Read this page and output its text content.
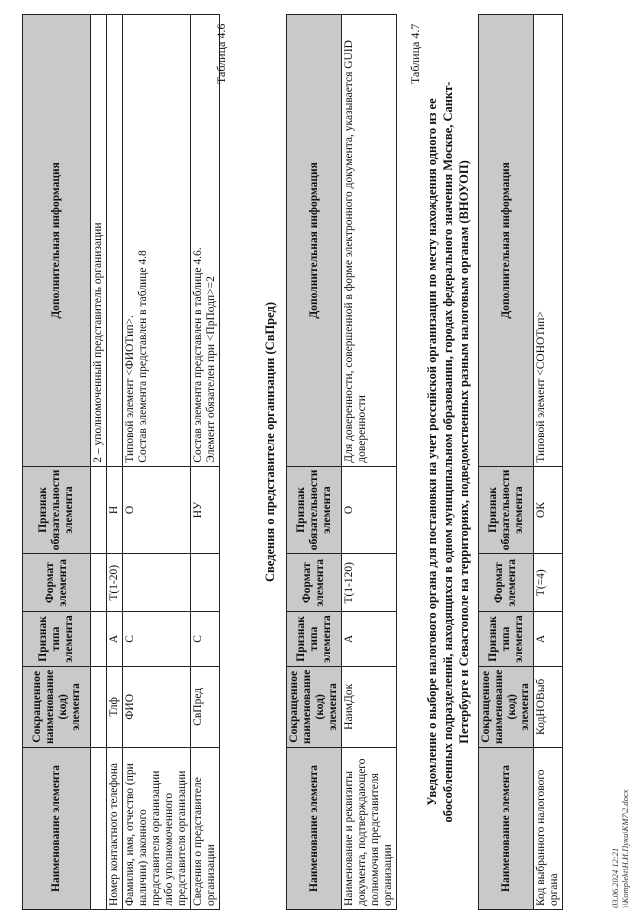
Наименование элемента	Сокращенное наименование (код) элемента	Признак типа элемента	Формат элемента	Признак обязательности элемента	Дополнительная информация
					2 – уполномоченный представитель организации
Номер контактного телефона	Тлф	А	T(1-20)	Н	
Фамилия, имя, отчество (при наличии) законного представителя организации либо уполномоченного представителя организации	ФИО	С		О	Типовой элемент <ФИОТип>.
Состав элемента представлен в таблице 4.8
Сведения о представителе организации	СвПред	С		НУ	Состав элемента представлен в таблице 4.6.
Элемент обязателен при <ПрПодп>=2
Таблица 4.6
Сведения о представителе организации (СвПред)
Наименование элемента	Сокращенное наименование (код) элемента	Признак типа элемента	Формат элемента	Признак обязательности элемента	Дополнительная информация
Наименование и реквизиты документа, подтверждающего полномочия представителя организации	НаимДок	А	T(1-120)	О	Для доверенности, совершенной в форме электронного документа, указывается GUID доверенности
Таблица 4.7
Уведомление о выборе налогового органа для постановки на учет российской организации по месту нахождения одного из ее обособленных подразделений, находящихся в одном муниципальном образовании, городах федерального значения Москве, Санкт-Петербурге и Севастополе на территориях, подведомственных разным налоговым органам (ВНОУОП)
Наименование элемента	Сокращенное наименование (код) элемента	Признак типа элемента	Формат элемента	Признак обязательности элемента	Дополнительная информация
Код выбранного налогового органа	КодНОВыб	А	T(=4)	ОК	Типовой элемент <СОНОТип>
03.06.2024 12:21 \\Komplekt\Н.И.Пуки\КМ7\2.docx
